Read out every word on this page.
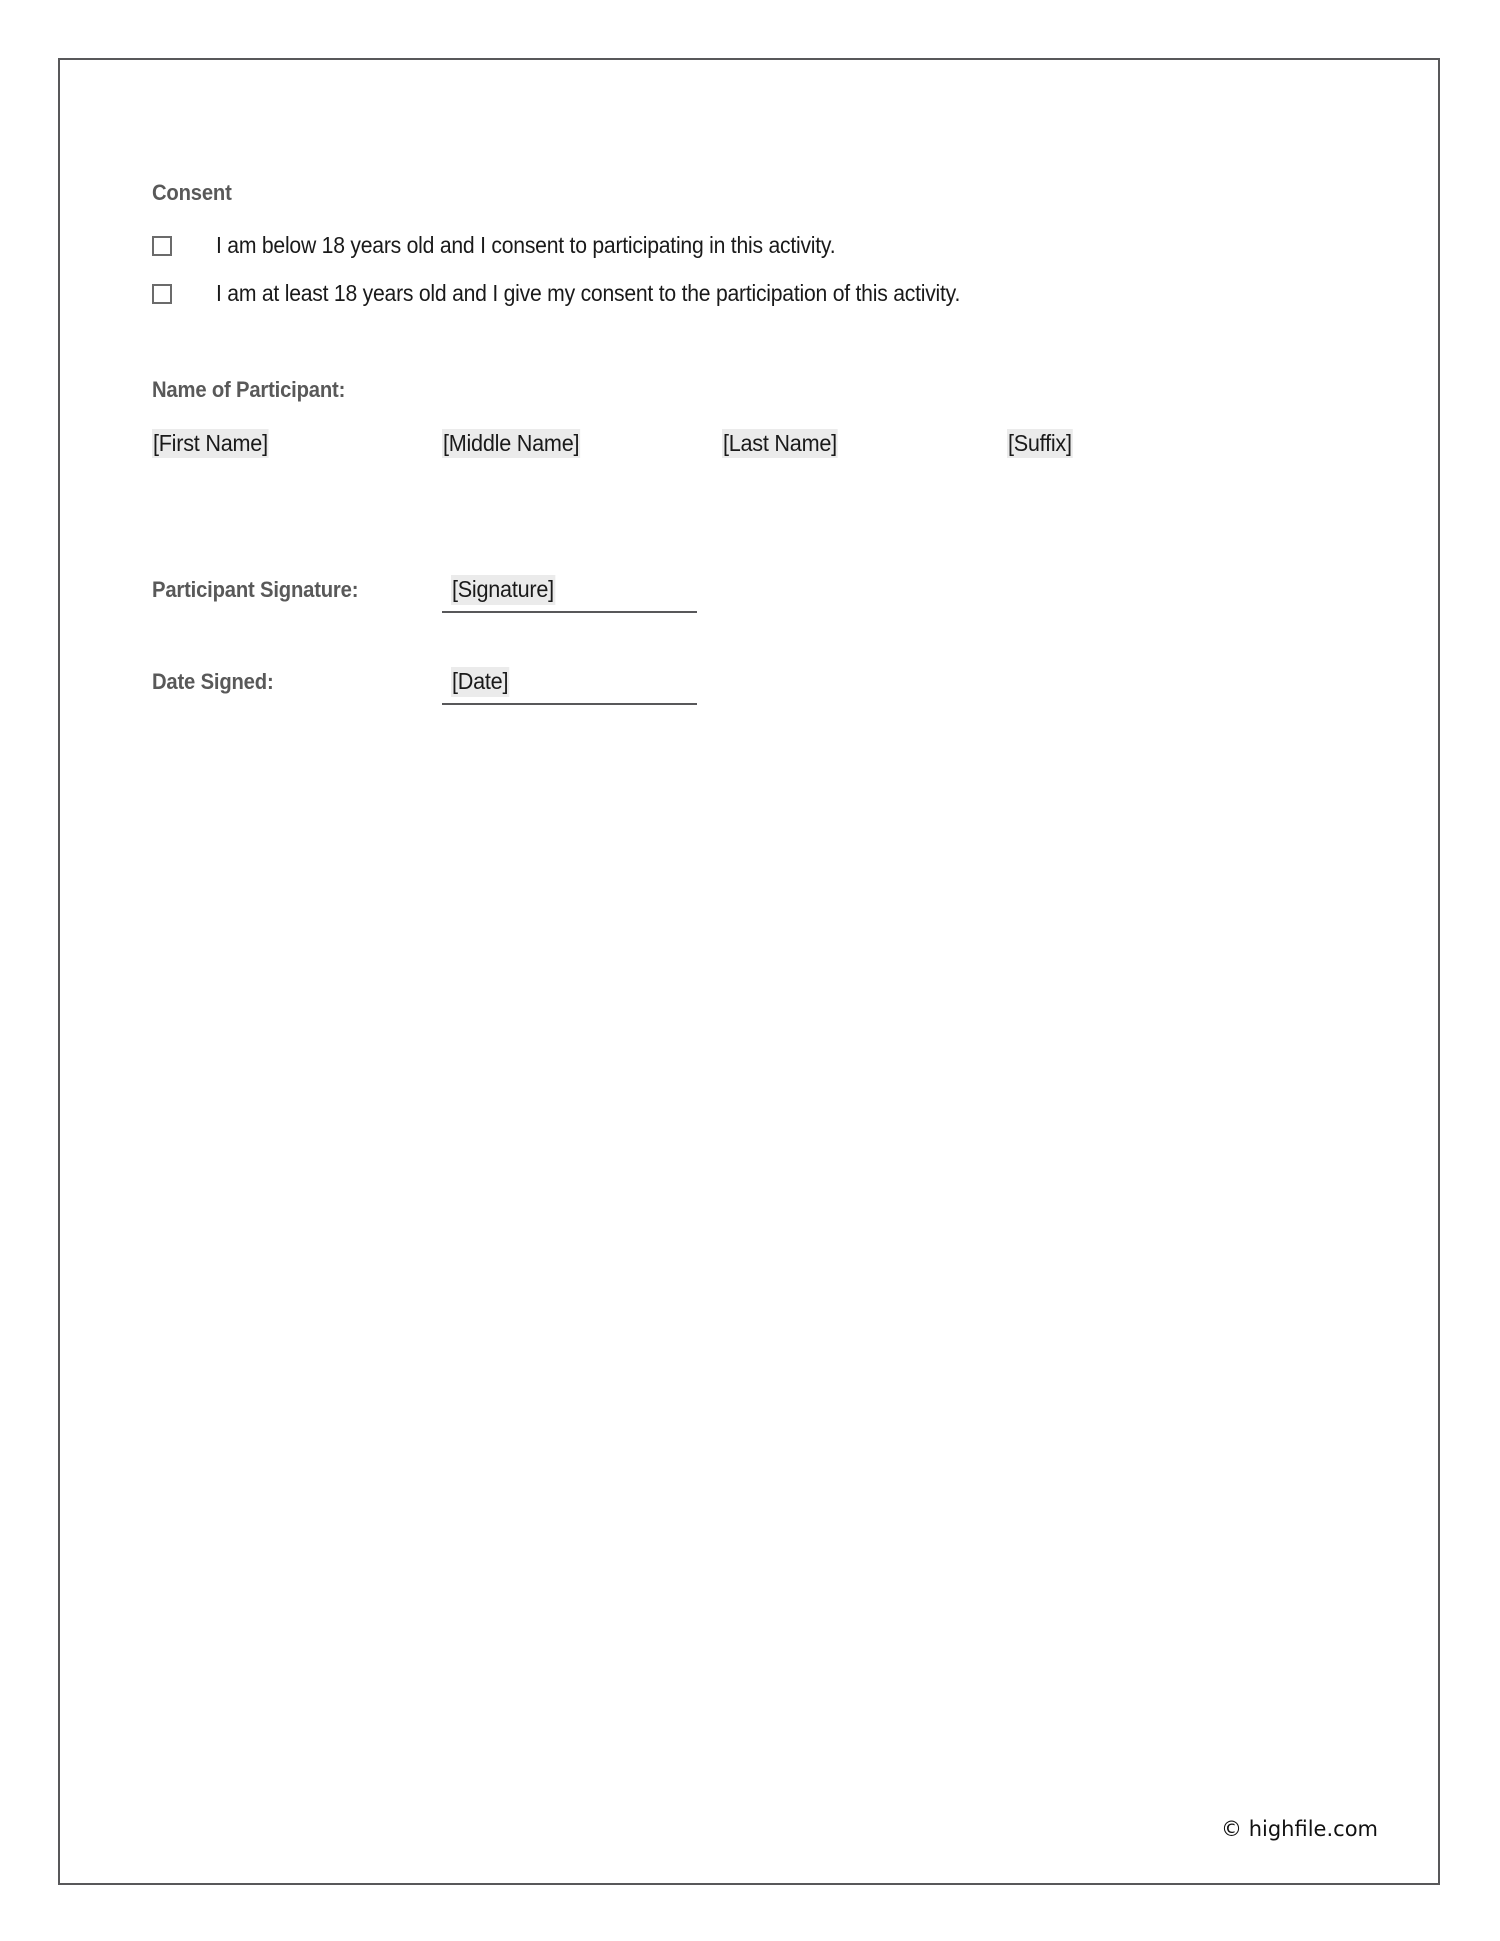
Consent
I am below 18 years old and I consent to participating in this activity.
I am at least 18 years old and I give my consent to the participation of this activity.
Name of Participant:
[First Name]	[Middle Name]	[Last Name]	[Suffix]
Participant Signature:	[Signature]
Date Signed:	[Date]
© highfile.com
